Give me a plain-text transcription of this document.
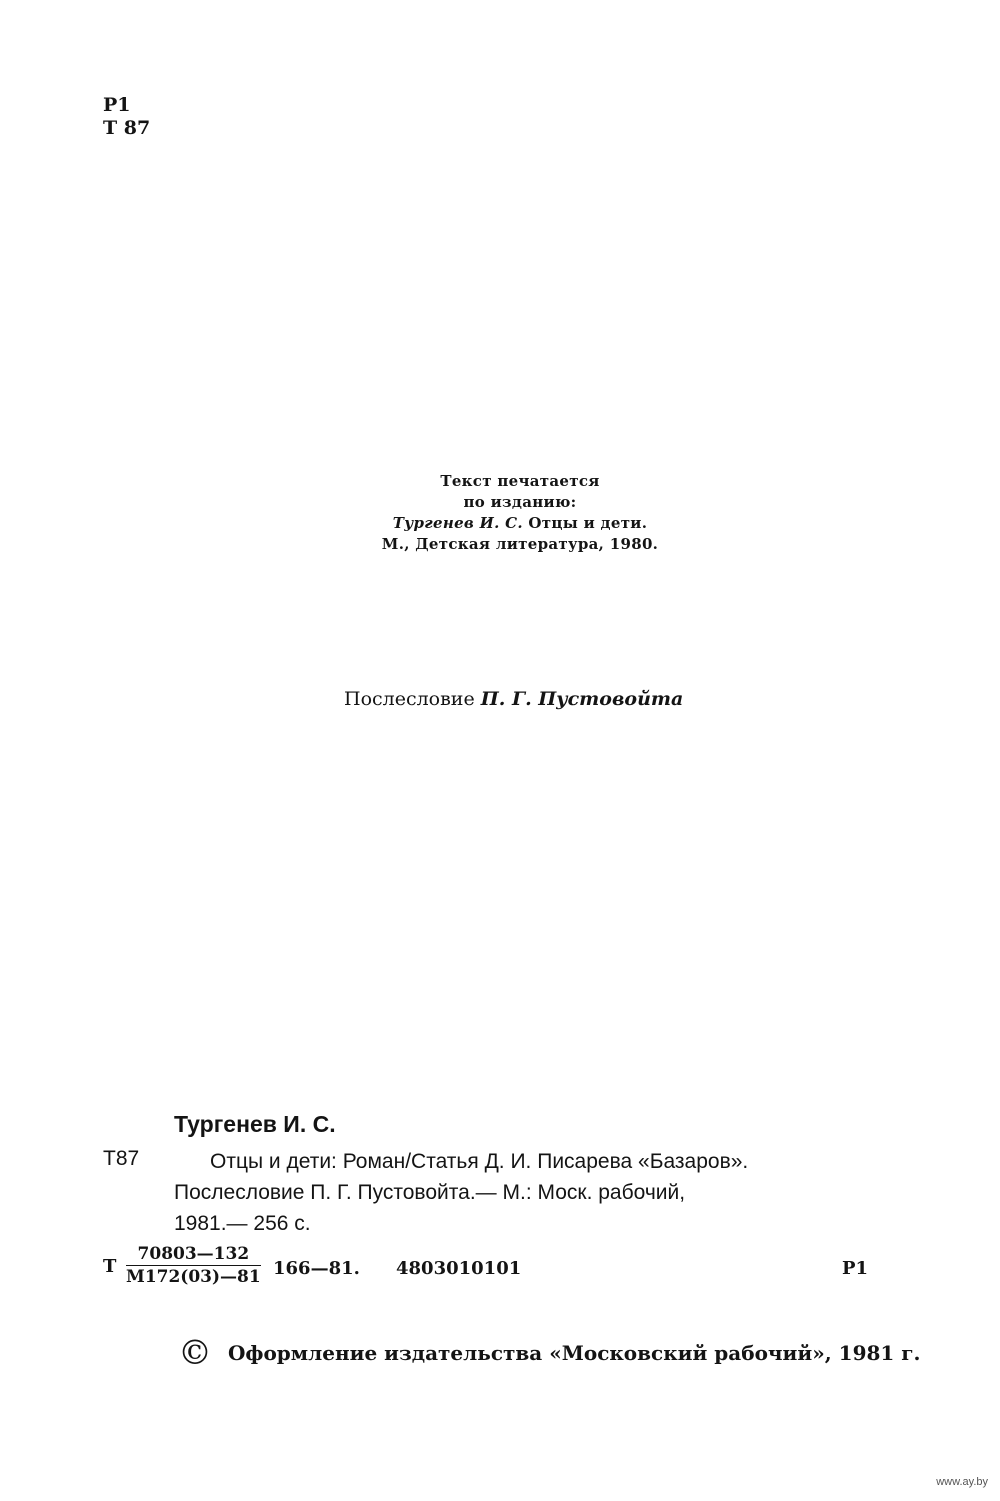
Р1
Т 87
Текст печатается
по изданию:
Тургенев И. С. Отцы и дети.
М., Детская литература, 1980.
Послесловие П. Г. Пустовойта
Тургенев И. С.
Т87	Отцы и дети: Роман/Статья Д. И. Писарева «Базаров».
Послесловие П. Г. Пустовойта.— М.: Моск. рабочий,
1981.— 256 с.
Т
70803—132
М172(03)—81 166—81. 4803010101	Р1
© Оформление издательства «Московский рабочий», 1981 г.
www.ay.by
